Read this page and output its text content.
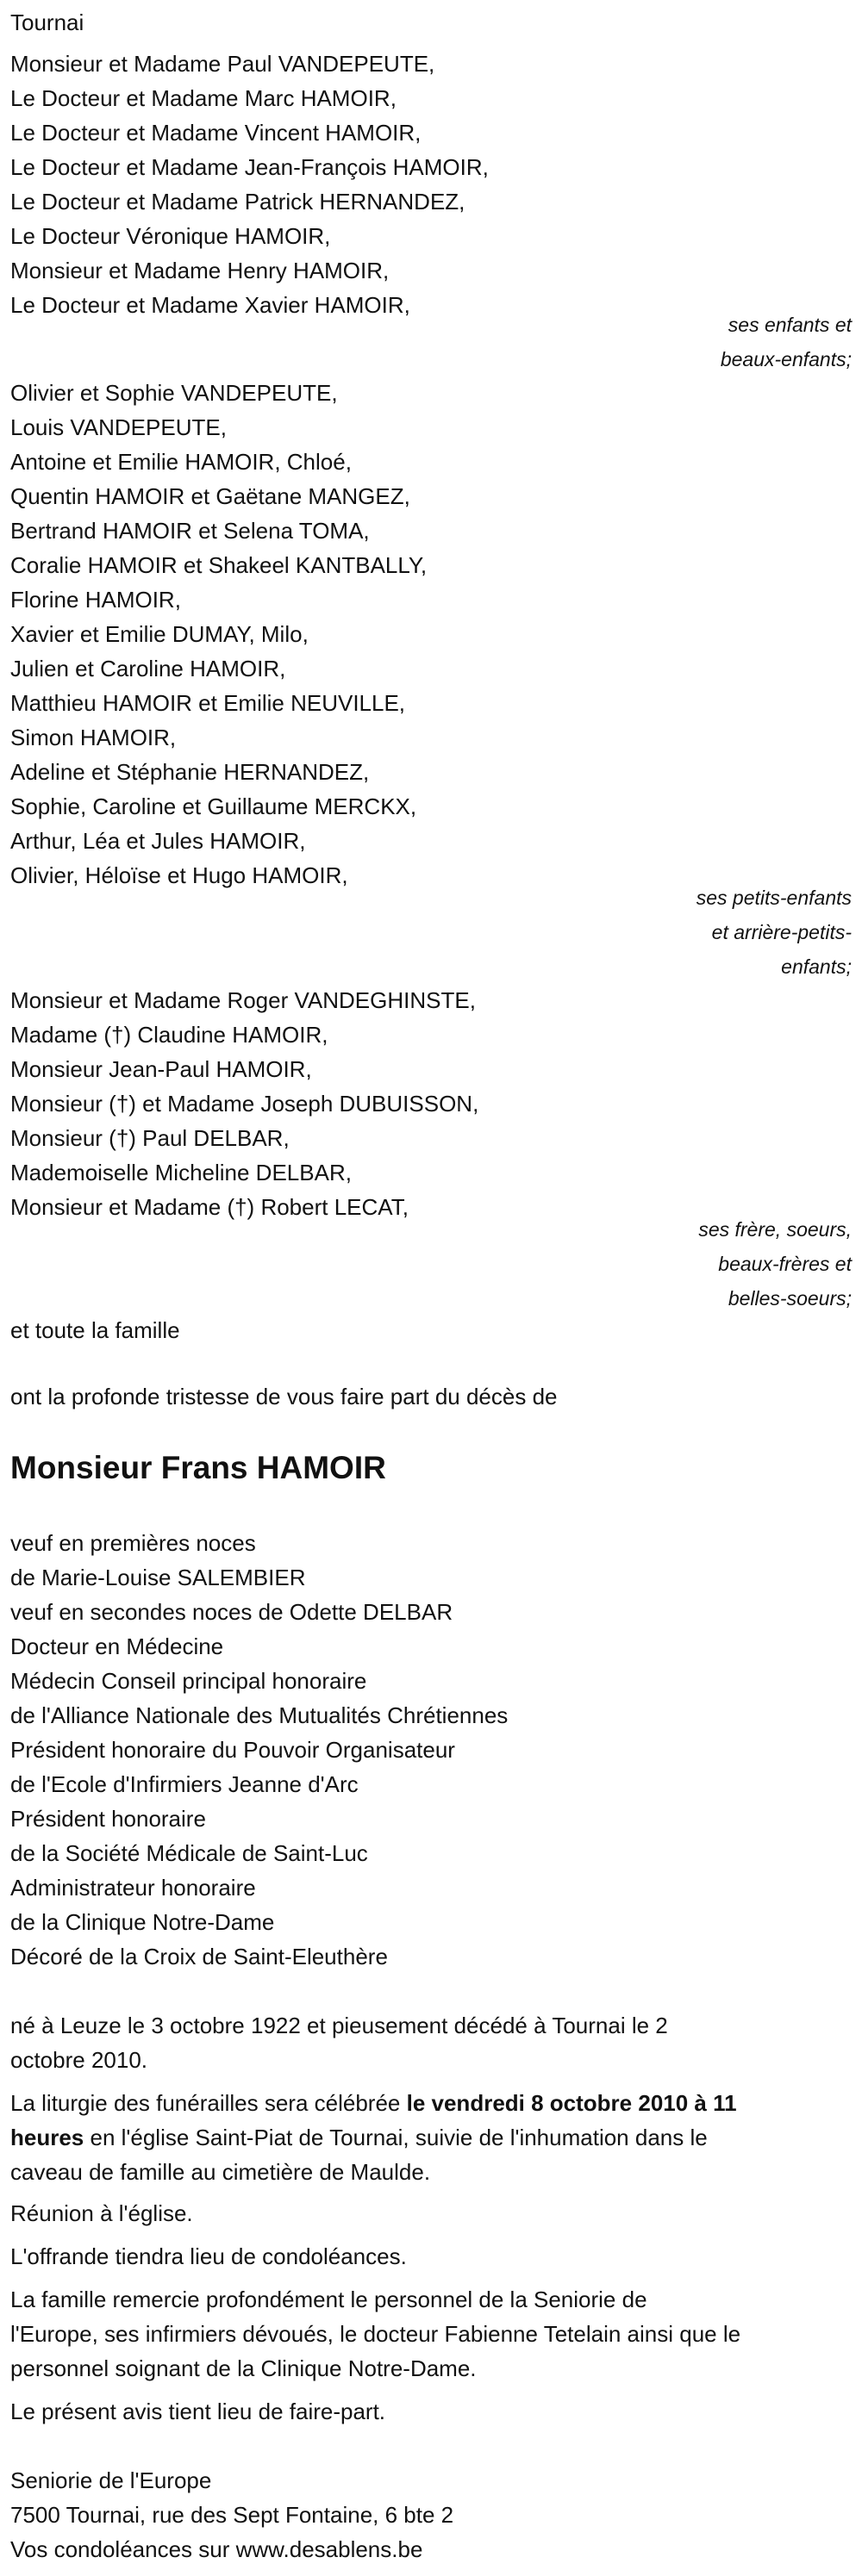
Tournai
Monsieur et Madame Paul VANDEPEUTE,
Le Docteur et Madame Marc HAMOIR,
Le Docteur et Madame Vincent HAMOIR,
Le Docteur et Madame Jean-François HAMOIR,
Le Docteur et Madame Patrick HERNANDEZ,
Le Docteur Véronique HAMOIR,
Monsieur et Madame Henry HAMOIR,
Le Docteur et Madame Xavier HAMOIR,
ses enfants et
beaux-enfants;
Olivier et Sophie VANDEPEUTE,
Louis VANDEPEUTE,
Antoine et Emilie HAMOIR, Chloé,
Quentin HAMOIR et Gaëtane MANGEZ,
Bertrand HAMOIR et Selena TOMA,
Coralie HAMOIR et Shakeel KANTBALLY,
Florine HAMOIR,
Xavier et Emilie DUMAY, Milo,
Julien et Caroline HAMOIR,
Matthieu HAMOIR et Emilie NEUVILLE,
Simon HAMOIR,
Adeline et Stéphanie HERNANDEZ,
Sophie, Caroline et Guillaume MERCKX,
Arthur, Léa et Jules HAMOIR,
Olivier, Héloïse et Hugo HAMOIR,
ses petits-enfants
et arrière-petits-
enfants;
Monsieur et Madame Roger VANDEGHINSTE,
Madame (†) Claudine HAMOIR,
Monsieur Jean-Paul HAMOIR,
Monsieur (†) et Madame Joseph DUBUISSON,
Monsieur (†) Paul DELBAR,
Mademoiselle Micheline DELBAR,
Monsieur et Madame (†) Robert LECAT,
ses frère, soeurs,
beaux-frères et
belles-soeurs;
et toute la famille
ont la profonde tristesse de vous faire part du décès de
Monsieur Frans HAMOIR
veuf en premières noces
de Marie-Louise SALEMBIER
veuf en secondes noces de Odette DELBAR
Docteur en Médecine
Médecin Conseil principal honoraire
de l'Alliance Nationale des Mutualités Chrétiennes
Président honoraire du Pouvoir Organisateur
de l'Ecole d'Infirmiers Jeanne d'Arc
Président honoraire
de la Société Médicale de Saint-Luc
Administrateur honoraire
de la Clinique Notre-Dame
Décoré de la Croix de Saint-Eleuthère
né à Leuze le 3 octobre 1922 et pieusement décédé à Tournai le 2
octobre 2010.
La liturgie des funérailles sera célébrée le vendredi 8 octobre 2010 à 11
heures en l'église Saint-Piat de Tournai, suivie de l'inhumation dans le
caveau de famille au cimetière de Maulde.
Réunion à l'église.
L'offrande tiendra lieu de condoléances.
La famille remercie profondément le personnel de la Seniorie de
l'Europe, ses infirmiers dévoués, le docteur Fabienne Tetelain ainsi que le
personnel soignant de la Clinique Notre-Dame.
Le présent avis tient lieu de faire-part.
Seniorie de l'Europe
7500 Tournai, rue des Sept Fontaine, 6 bte 2
Vos condoléances sur www.desablens.be
